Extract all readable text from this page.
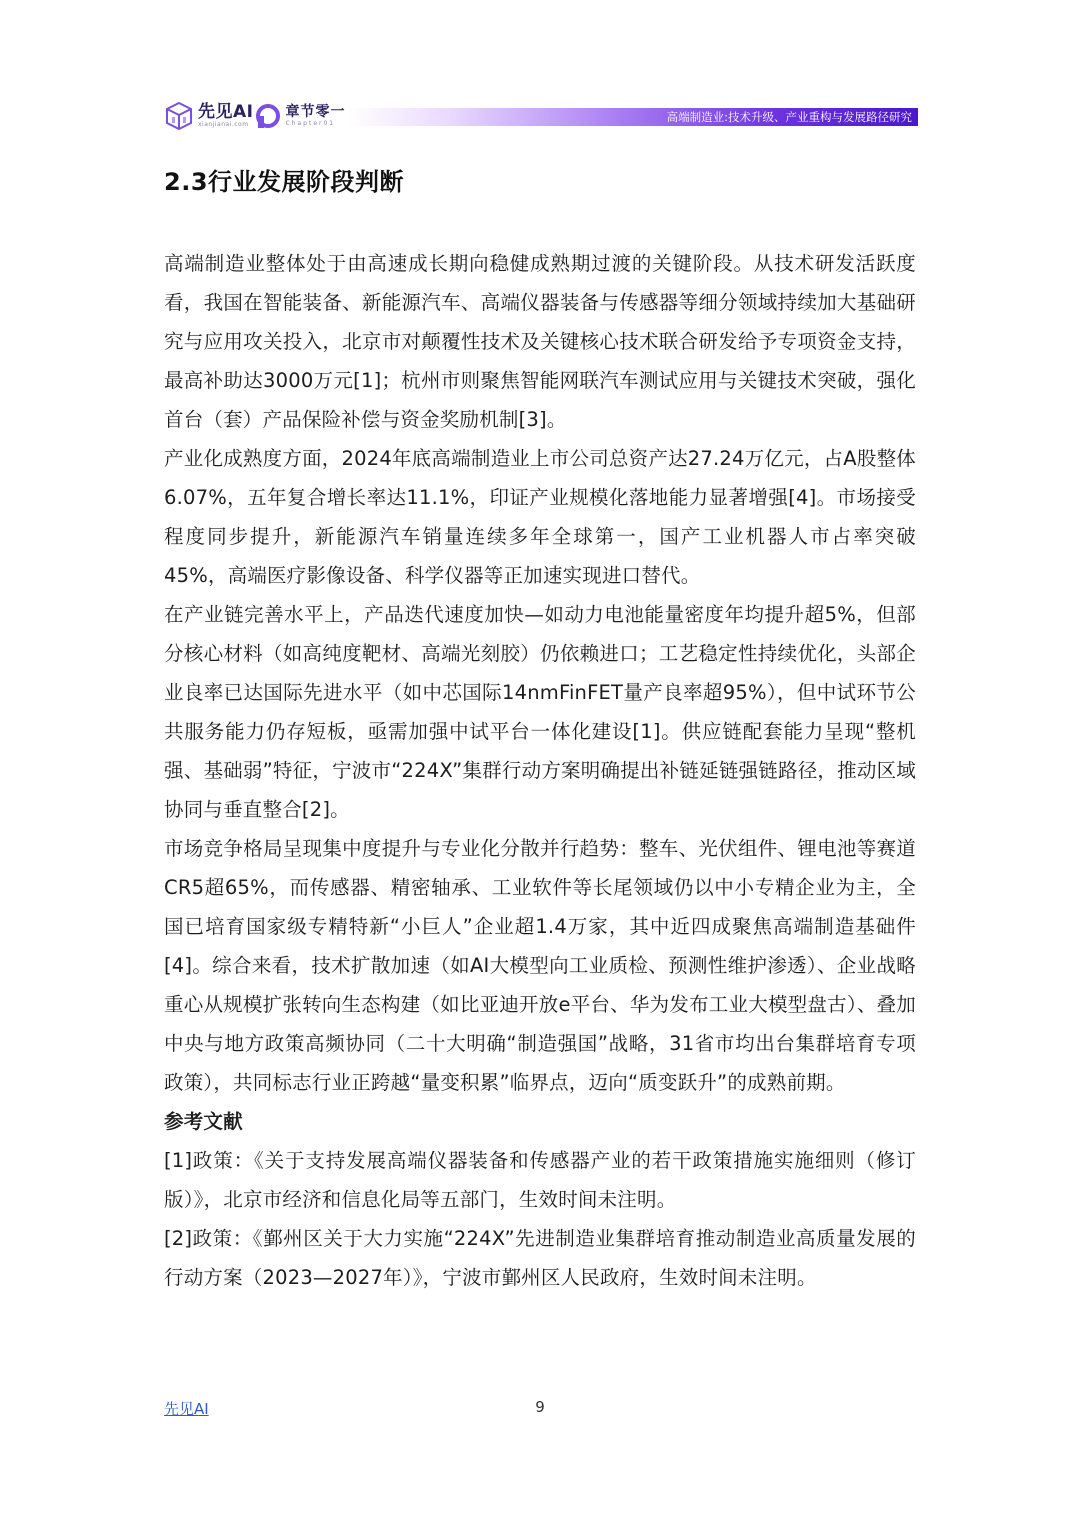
先见AI
xianjianai.com
章节零一
Chapter01	高端制造业:技术升级、产业重构与发展路径研究
2.3行业发展阶段判断

高端制造业整体处于由高速成长期向稳健成熟期过渡的关键阶段。从技术研发活跃度看，我国在智能装备、新能源汽车、高端仪器装备与传感器等细分领域持续加大基础研究与应用攻关投入，北京市对颠覆性技术及关键核心技术联合研发给予专项资金支持，最高补助达3000万元[1]；杭州市则聚焦智能网联汽车测试应用与关键技术突破，强化首台（套）产品保险补偿与资金奖励机制[3]。

产业化成熟度方面，2024年底高端制造业上市公司总资产达27.24万亿元，占A股整体6.07%，五年复合增长率达11.1%，印证产业规模化落地能力显著增强[4]。市场接受程度同步提升，新能源汽车销量连续多年全球第一，国产工业机器人市占率突破45%，高端医疗影像设备、科学仪器等正加速实现进口替代。

在产业链完善水平上，产品迭代速度加快—如动力电池能量密度年均提升超5%，但部分核心材料（如高纯度靶材、高端光刻胶）仍依赖进口；工艺稳定性持续优化，头部企业良率已达国际先进水平（如中芯国际14nmFinFET量产良率超95%），但中试环节公共服务能力仍存短板，亟需加强中试平台一体化建设[1]。供应链配套能力呈现“整机强、基础弱”特征，宁波市“224X”集群行动方案明确提出补链延链强链路径，推动区域协同与垂直整合[2]。

市场竞争格局呈现集中度提升与专业化分散并行趋势：整车、光伏组件、锂电池等赛道CR5超65%，而传感器、精密轴承、工业软件等长尾领域仍以中小专精企业为主，全国已培育国家级专精特新“小巨人”企业超1.4万家，其中近四成聚焦高端制造基础件[4]。综合来看，技术扩散加速（如AI大模型向工业质检、预测性维护渗透）、企业战略重心从规模扩张转向生态构建（如比亚迪开放e平台、华为发布工业大模型盘古）、叠加中央与地方政策高频协同（二十大明确“制造强国”战略，31省市均出台集群培育专项政策），共同标志行业正跨越“量变积累”临界点，迈向“质变跃升”的成熟前期。

参考文献

[1]政策：《关于支持发展高端仪器装备和传感器产业的若干政策措施实施细则（修订版）》，北京市经济和信息化局等五部门，生效时间未注明。

[2]政策：《鄞州区关于大力实施“224X”先进制造业集群培育推动制造业高质量发展的行动方案（2023—2027年）》，宁波市鄞州区人民政府，生效时间未注明。

先见AI	9
